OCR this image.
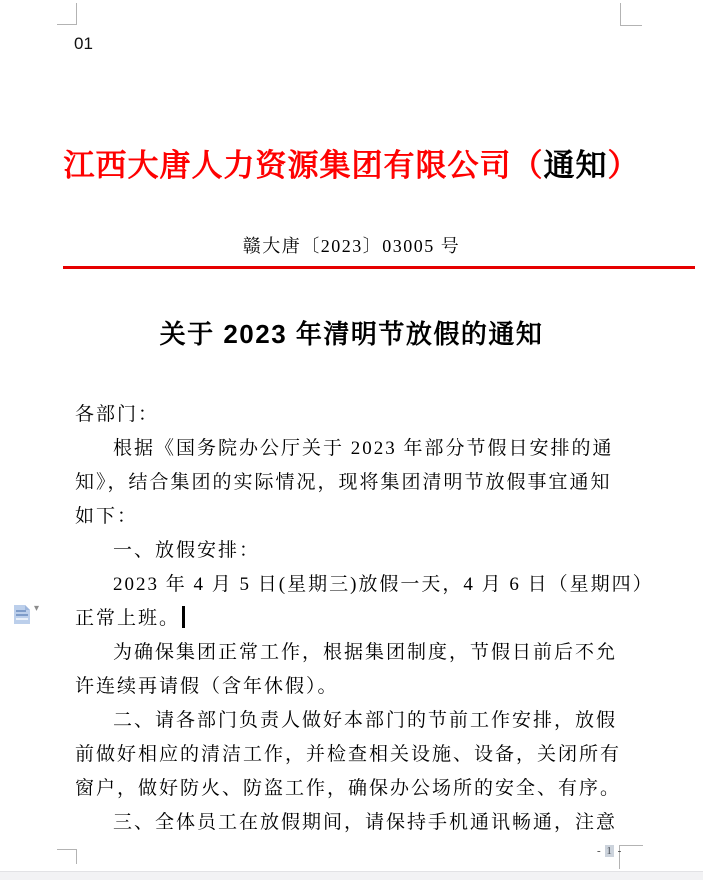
01
江西大唐人力资源集团有限公司（通知）
赣大唐〔2023〕03005 号
关于 2023 年清明节放假的通知
各部门：
根据《国务院办公厅关于 2023 年部分节假日安排的通
知》，结合集团的实际情况，现将集团清明节放假事宜通知
如下：
一、放假安排：
2023 年 4 月 5 日(星期三)放假一天，4 月 6 日（星期四）
正常上班。
为确保集团正常工作，根据集团制度，节假日前后不允
许连续再请假（含年休假）。
二、请各部门负责人做好本部门的节前工作安排，放假
前做好相应的清洁工作，并检查相关设施、设备，关闭所有
窗户，做好防火、防盗工作，确保办公场所的安全、有序。
三、全体员工在放假期间，请保持手机通讯畅通，注意
▾
- 1 -
